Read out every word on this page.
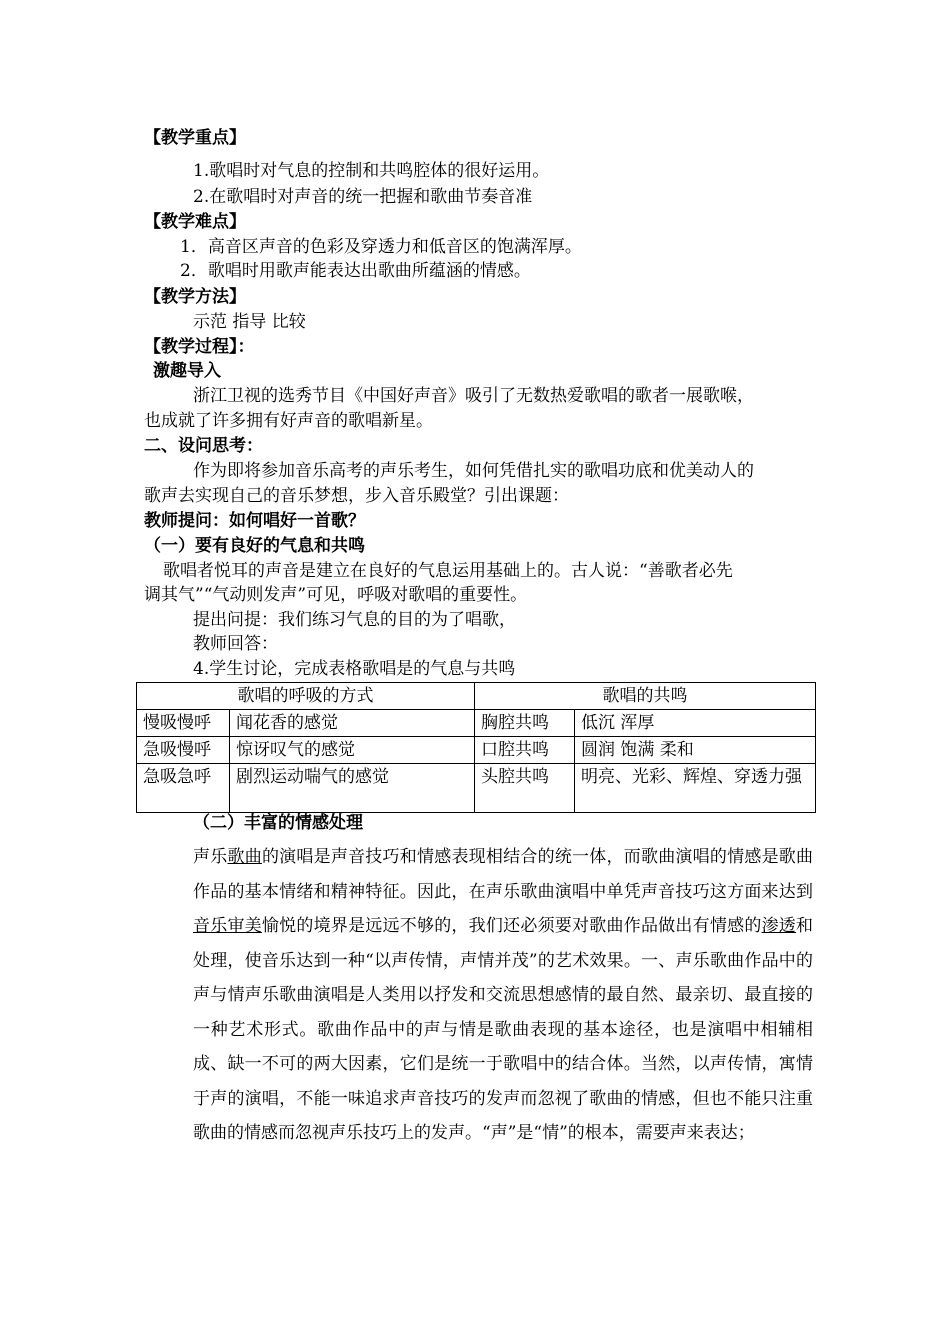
【教学重点】
1.歌唱时对气息的控制和共鸣腔体的很好运用。
2.在歌唱时对声音的统一把握和歌曲节奏音准
【教学难点】
1．高音区声音的色彩及穿透力和低音区的饱满浑厚。
2．歌唱时用歌声能表达出歌曲所蕴涵的情感。
【教学方法】
示范 指导 比较
【教学过程】：
激趣导入
浙江卫视的选秀节目《中国好声音》吸引了无数热爱歌唱的歌者一展歌喉，
也成就了许多拥有好声音的歌唱新星。
二、设问思考：
作为即将参加音乐高考的声乐考生，如何凭借扎实的歌唱功底和优美动人的
歌声去实现自己的音乐梦想，步入音乐殿堂？引出课题：
教师提问：如何唱好一首歌？
（一）要有良好的气息和共鸣
歌唱者悦耳的声音是建立在良好的气息运用基础上的。古人说：“善歌者必先
调其气”“气动则发声”可见，呼吸对歌唱的重要性。
提出问提：我们练习气息的目的为了唱歌，
教师回答：
4.学生讨论，完成表格歌唱是的气息与共鸣
歌唱的呼吸的方式		歌唱的共鸣	
慢吸慢呼	闻花香的感觉	胸腔共鸣	低沉 浑厚
急吸慢呼	惊讶叹气的感觉	口腔共鸣	圆润 饱满 柔和
急吸急呼	剧烈运动喘气的感觉	头腔共鸣	明亮、光彩、辉煌、穿透力强
（二）丰富的情感处理
声乐歌曲的演唱是声音技巧和情感表现相结合的统一体，而歌曲演唱的情感是歌曲作品的基本情绪和精神特征。因此，在声乐歌曲演唱中单凭声音技巧这方面来达到音乐审美愉悦的境界是远远不够的，我们还必须要对歌曲作品做出有情感的渗透和处理，使音乐达到一种“以声传情，声情并茂”的艺术效果。一、声乐歌曲作品中的声与情声乐歌曲演唱是人类用以抒发和交流思想感情的最自然、最亲切、最直接的一种艺术形式。歌曲作品中的声与情是歌曲表现的基本途径，也是演唱中相辅相成、缺一不可的两大因素，它们是统一于歌唱中的结合体。当然，以声传情，寓情于声的演唱，不能一味追求声音技巧的发声而忽视了歌曲的情感，但也不能只注重歌曲的情感而忽视声乐技巧上的发声。“声”是“情”的根本，需要声来表达；
